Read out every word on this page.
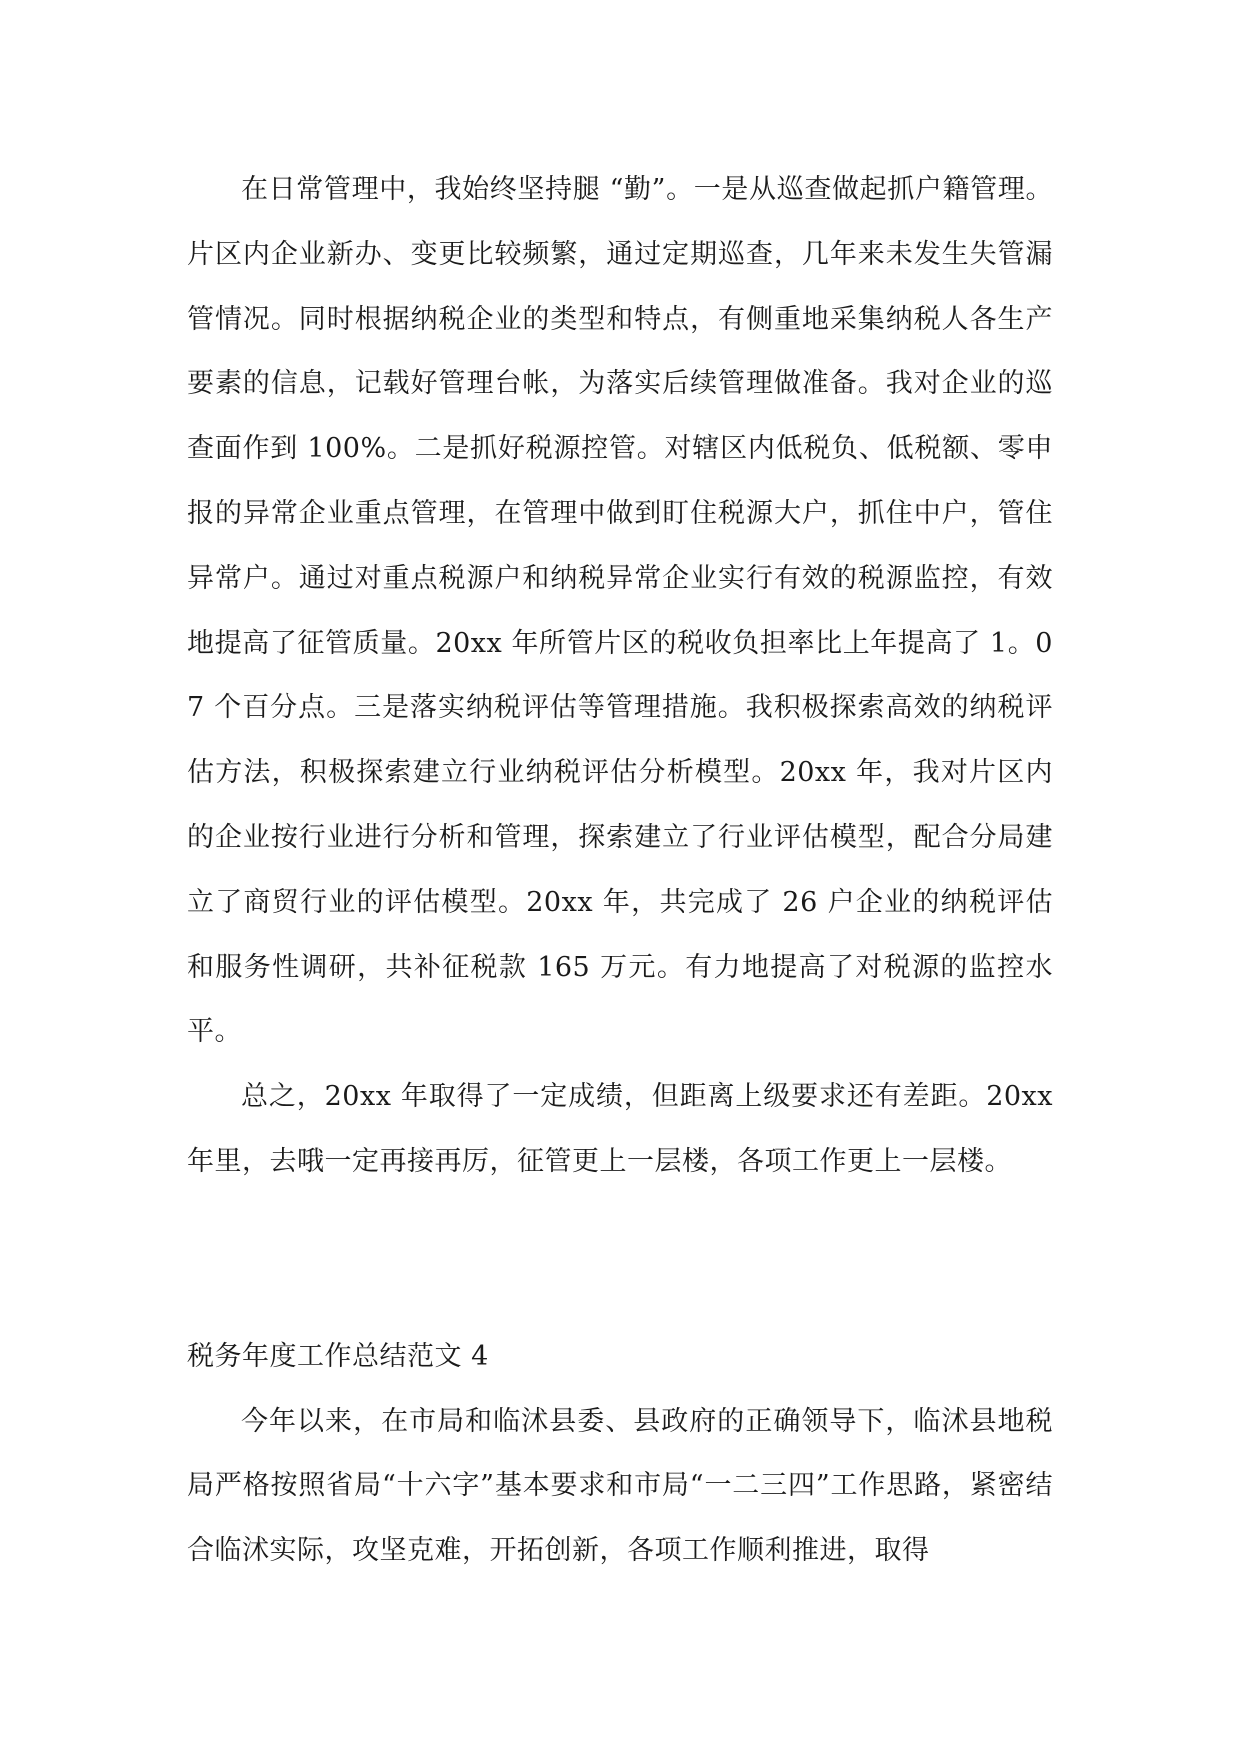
在日常管理中，我始终坚持腿 “勤”。一是从巡查做起抓户籍管理。片区内企业新办、变更比较频繁，通过定期巡查，几年来未发生失管漏管情况。同时根据纳税企业的类型和特点，有侧重地采集纳税人各生产要素的信息，记载好管理台帐，为落实后续管理做准备。我对企业的巡查面作到 100%。二是抓好税源控管。对辖区内低税负、低税额、零申报的异常企业重点管理，在管理中做到盯住税源大户，抓住中户，管住异常户。通过对重点税源户和纳税异常企业实行有效的税源监控，有效地提高了征管质量。20xx 年所管片区的税收负担率比上年提高了 1。07 个百分点。三是落实纳税评估等管理措施。我积极探索高效的纳税评估方法，积极探索建立行业纳税评估分析模型。20xx 年，我对片区内的企业按行业进行分析和管理，探索建立了行业评估模型，配合分局建立了商贸行业的评估模型。20xx 年，共完成了 26 户企业的纳税评估和服务性调研，共补征税款 165 万元。有力地提高了对税源的监控水平。

总之，20xx 年取得了一定成绩，但距离上级要求还有差距。20xx 年里，去哦一定再接再厉，征管更上一层楼，各项工作更上一层楼。

税务年度工作总结范文 4

今年以来，在市局和临沭县委、县政府的正确领导下，临沭县地税局严格按照省局“十六字”基本要求和市局“一二三四”工作思路，紧密结合临沭实际，攻坚克难，开拓创新，各项工作顺利推进，取得
